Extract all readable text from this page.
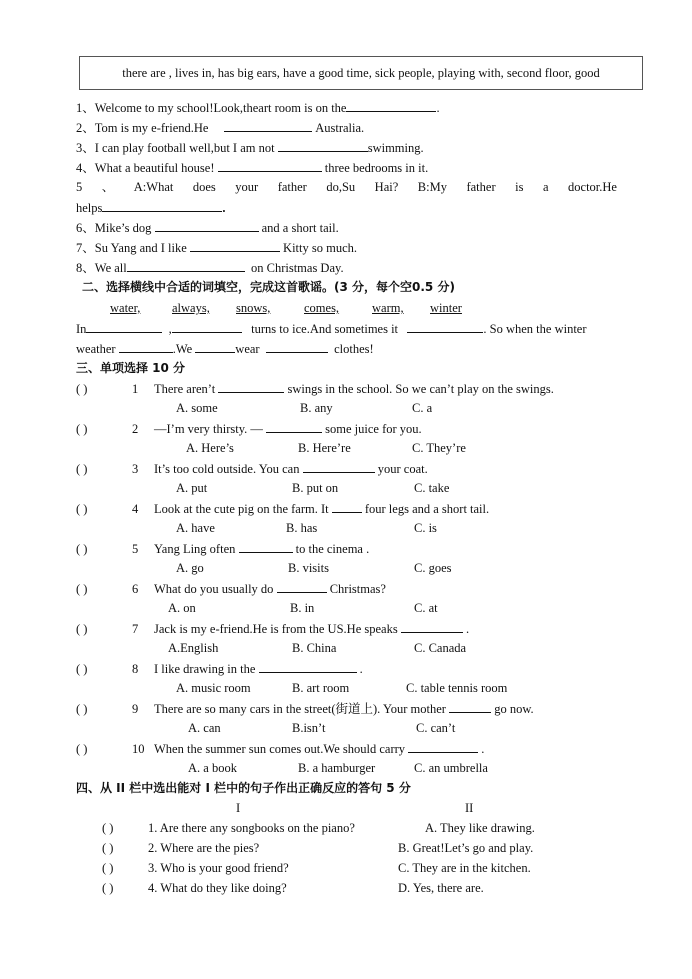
there are , lives in, has big ears, have a good time, sick people, playing with, second floor, good
1、Welcome to my school!Look,theart room is on the	.
2、Tom is my e-friend.He	Australia.
3、I can play football well,but I am not	swimming.
4、What a beautiful house!	three bedrooms in it.
5 、 A:What does your father do,Su Hai? B:My father is a doctor.He
helps	.
6、Mike’s dog	and a short tail.
7、Su Yang and I like	Kitty so much.
8、We all	on Christmas Day.
二、选择横线中合适的词填空，完成这首歌谣。(3 分，每个空0.5 分)
water,	always, snows,	comes,	warm, winter
In	,	turns to ice.And sometimes it	. So when the winter
weather	.We	wear	clothes!
三、单项选择 10 分
( )	1 There aren’t	swings in the school. So we can’t play on the swings.
A. some	B. any	C. a
( )	2 —I’m very thirsty. —	some juice for you.
A. Here’s	B. Here’re	C. They’re
( )	3 It’s too cold outside. You can	your coat.
A. put	B. put on	C. take
( )	4 Look at the cute pig on the farm. It	four legs and a short tail.
A. have	B. has	C. is
( )	5 Yang Ling often	to the cinema .
A. go	B. visits	C. goes
( )	6 What do you usually do	Christmas?
A. on	B. in	C. at
( )	7 Jack is my e-friend.He is from the US.He speaks	.
A.English	B. China	C. Canada
( )	8 I like drawing in the	.
A. music room	B. art room	C. table tennis room
( )	9 There are so many cars in the street(街道上). Your mother	go now.
A. can	B.isn’t	C. can’t
( )	10 When the summer sun comes out.We should carry	.
A. a book	B. a hamburger	C. an umbrella
四、从 II 栏中选出能对 I 栏中的句子作出正确反应的答句 5 分
I	II
( )	1. Are there any songbooks on the piano?	A. They like drawing.
( )	2. Where are the pies?	B. Great!Let’s go and play.
( )	3. Who is your good friend?	C. They are in the kitchen.
( )	4. What do they like doing?	D. Yes, there are.
